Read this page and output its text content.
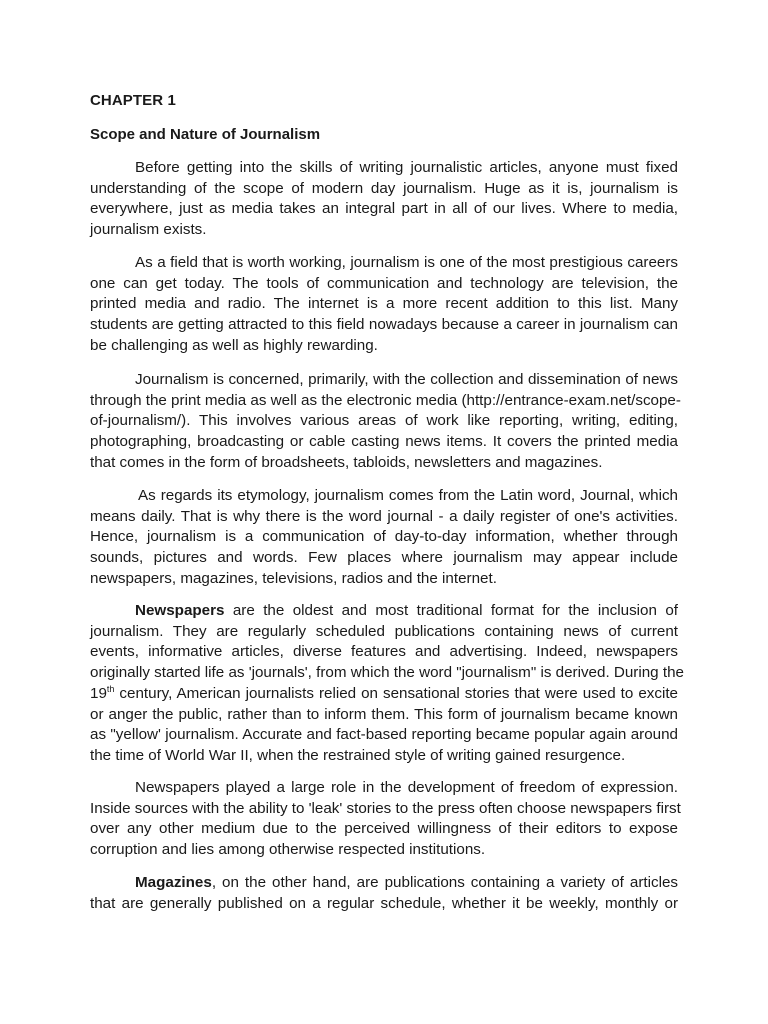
CHAPTER 1
Scope and Nature of Journalism
Before getting into the skills of writing journalistic articles, anyone must fixed
understanding of the scope of modern day journalism. Huge as it is, journalism is
everywhere, just as media takes an integral part in all of our lives. Where to media,
journalism exists.
As a field that is worth working, journalism is one of the most prestigious careers
one can get today. The tools of communication and technology are television, the
printed media and radio. The internet is a more recent addition to this list. Many
students are getting attracted to this field nowadays because a career in journalism can
be challenging as well as highly rewarding.
Journalism is concerned, primarily, with the collection and dissemination of news
through the print media as well as the electronic media (http://entrance-exam.net/scope-
of-journalism/). This involves various areas of work like reporting, writing, editing,
photographing, broadcasting or cable casting news items. It covers the printed media
that comes in the form of broadsheets, tabloids, newsletters and magazines.
As regards its etymology, journalism comes from the Latin word, Journal, which
means daily. That is why there is the word journal - a daily register of one's activities.
Hence, journalism is a communication of day-to-day information, whether through
sounds, pictures and words. Few places where journalism may appear include
newspapers, magazines, televisions, radios and the internet.
Newspapers are the oldest and most traditional format for the inclusion of
journalism. They are regularly scheduled publications containing news of current
events, informative articles, diverse features and advertising. Indeed, newspapers
originally started life as 'journals', from which the word "journalism" is derived. During the
19th century, American journalists relied on sensational stories that were used to excite
or anger the public, rather than to inform them. This form of journalism became known
as "yellow' journalism. Accurate and fact-based reporting became popular again around
the time of World War II, when the restrained style of writing gained resurgence.
Newspapers played a large role in the development of freedom of expression.
Inside sources with the ability to 'leak' stories to the press often choose newspapers first
over any other medium due to the perceived willingness of their editors to expose
corruption and lies among otherwise respected institutions.
Magazines, on the other hand, are publications containing a variety of articles
that are generally published on a regular schedule, whether it be weekly, monthly or
